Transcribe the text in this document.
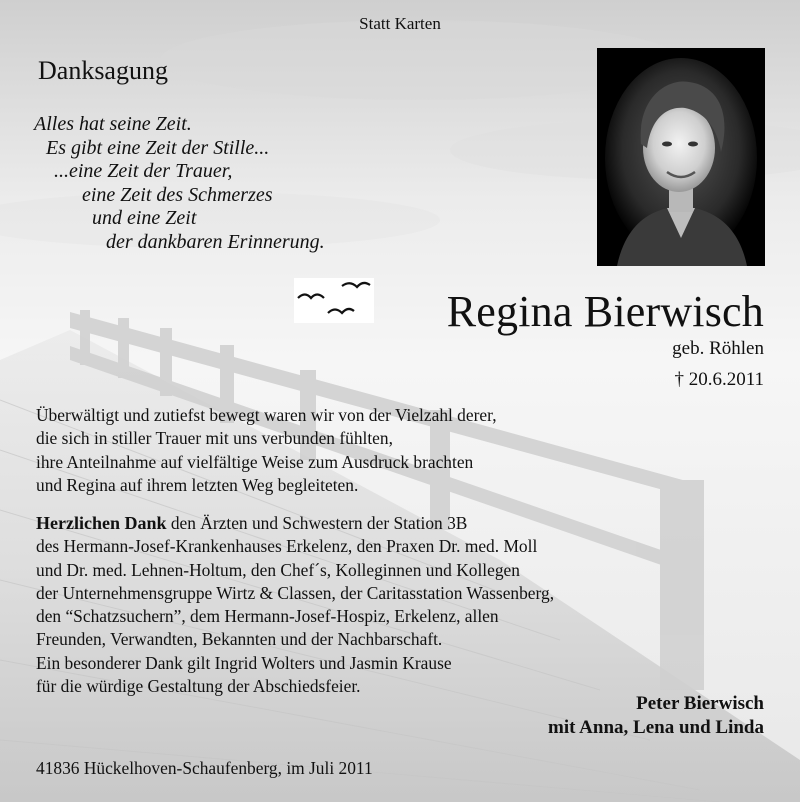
Statt Karten
Danksagung
Alles hat seine Zeit.
Es gibt eine Zeit der Stille...
...eine Zeit der Trauer,
eine Zeit des Schmerzes
und eine Zeit
der dankbaren Erinnerung.
Regina Bierwisch
geb. Röhlen
† 20.6.2011
Überwältigt und zutiefst bewegt waren wir von der Vielzahl derer,
die sich in stiller Trauer mit uns verbunden fühlten,
ihre Anteilnahme auf vielfältige Weise zum Ausdruck brachten
und Regina auf ihrem letzten Weg begleiteten.
Herzlichen Dank den Ärzten und Schwestern der Station 3B
des Hermann-Josef-Krankenhauses Erkelenz, den Praxen Dr. med. Moll
und Dr. med. Lehnen-Holtum, den Chef´s, Kolleginnen und Kollegen
der Unternehmensgruppe Wirtz & Classen, der Caritasstation Wassenberg,
den “Schatzsuchern”, dem Hermann-Josef-Hospiz, Erkelenz, allen
Freunden, Verwandten, Bekannten und der Nachbarschaft.
Ein besonderer Dank gilt Ingrid Wolters und Jasmin Krause
für die würdige Gestaltung der Abschiedsfeier.
Peter Bierwisch
mit Anna, Lena und Linda
41836 Hückelhoven-Schaufenberg, im Juli 2011
